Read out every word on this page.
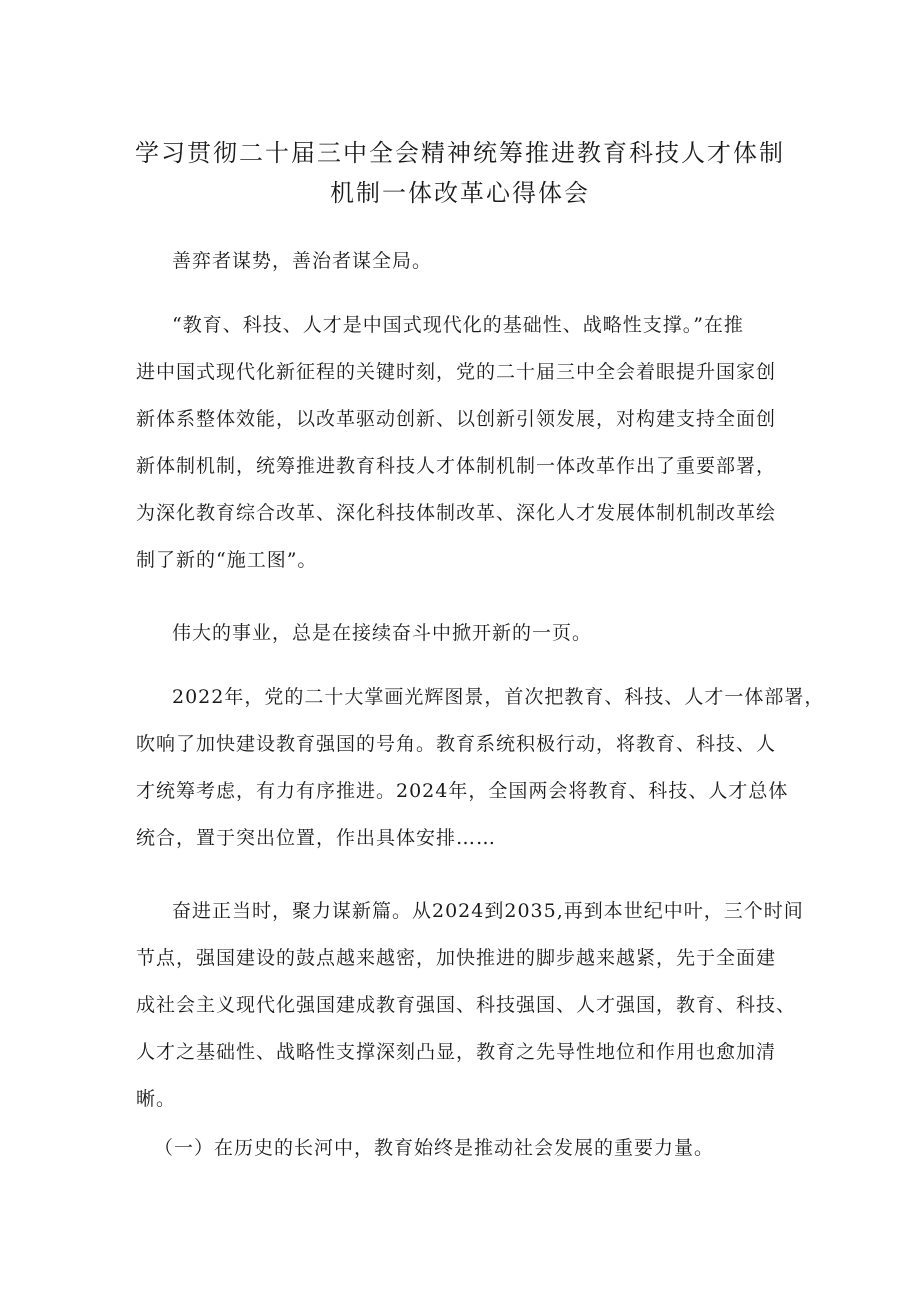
学习贯彻二十届三中全会精神统筹推进教育科技人才体制
机制一体改革心得体会

善弈者谋势，善治者谋全局。

“教育、科技、人才是中国式现代化的基础性、战略性支撑。”在推
进中国式现代化新征程的关键时刻，党的二十届三中全会着眼提升国家创
新体系整体效能，以改革驱动创新、以创新引领发展，对构建支持全面创
新体制机制，统筹推进教育科技人才体制机制一体改革作出了重要部署，
为深化教育综合改革、深化科技体制改革、深化人才发展体制机制改革绘
制了新的“施工图”。

伟大的事业，总是在接续奋斗中掀开新的一页。

2022年，党的二十大掌画光辉图景，首次把教育、科技、人才一体部署，
吹响了加快建设教育强国的号角。教育系统积极行动，将教育、科技、人
才统筹考虑，有力有序推进。2024年，全国两会将教育、科技、人才总体
统合，置于突出位置，作出具体安排……

奋进正当时，聚力谋新篇。从2024到2035,再到本世纪中叶，三个时间
节点，强国建设的鼓点越来越密，加快推进的脚步越来越紧，先于全面建
成社会主义现代化强国建成教育强国、科技强国、人才强国，教育、科技、
人才之基础性、战略性支撑深刻凸显，教育之先导性地位和作用也愈加清
晰。

（一）在历史的长河中，教育始终是推动社会发展的重要力量。
